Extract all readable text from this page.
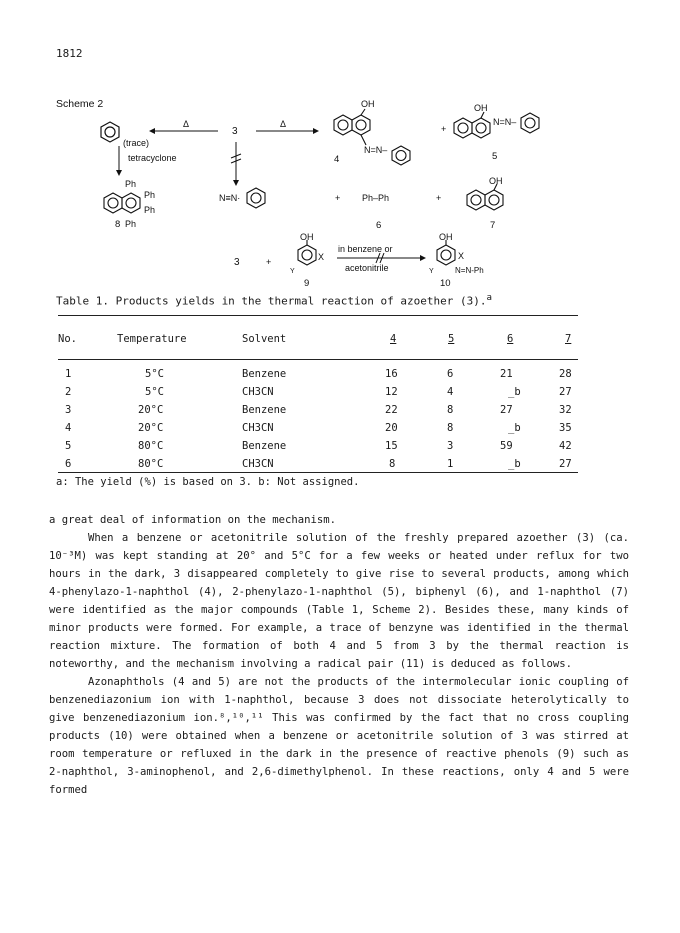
1812
Scheme 2
(trace)
tetracyclone
Δ
3
Δ
OH
4
N=N–
+
OH
N=N–
5
Ph
Ph
Ph
Ph
8
N≡N·	+ Ph–Ph
6
+
OH
7
3	+
OH
X
Y
9
in benzene or
acetonitrile
OH
X
Y	N=N-Ph
10
Table 1. Products yields in the thermal reaction of azoether (3).$^a$
No.	Temperature	Solvent	4	5	6	7
1	5°C	Benzene	16	6	21	28
2	5°C	CH3CN	12	4	_b	27
3	20°C	Benzene	22	8	27	32
4	20°C	CH3CN	20	8	_b	35
5	80°C	Benzene	15	3	59	42
6	80°C	CH3CN	8	1	_b	27
a: The yield (%) is based on 3. b: Not assigned.

a great deal of information on the mechanism.

When a benzene or acetonitrile solution of the freshly prepared azoether (3) (ca. 10⁻³M) was kept standing at 20° and 5°C for a few weeks or heated under reflux for two hours in the dark, 3 disappeared completely to give rise to several products, among which 4-phenylazo-1-naphthol (4), 2-phenylazo-1-naphthol (5), biphenyl (6), and 1-naphthol (7) were identified as the major compounds (Table 1, Scheme 2). Besides these, many kinds of minor products were formed. For example, a trace of benzyne was identified in the thermal reaction mixture. The formation of both 4 and 5 from 3 by the thermal reaction is noteworthy, and the mechanism involving a radical pair (11) is deduced as follows.

Azonaphthols (4 and 5) are not the products of the intermolecular ionic coupling of benzenediazonium ion with 1-naphthol, because 3 does not dissociate heterolytically to give benzenediazonium ion.⁸,¹⁰,¹¹ This was confirmed by the fact that no cross coupling products (10) were obtained when a benzene or acetonitrile solution of 3 was stirred at room temperature or refluxed in the dark in the presence of reactive phenols (9) such as 2-naphthol, 3-aminophenol, and 2,6-dimethylphenol. In these reactions, only 4 and 5 were formed
